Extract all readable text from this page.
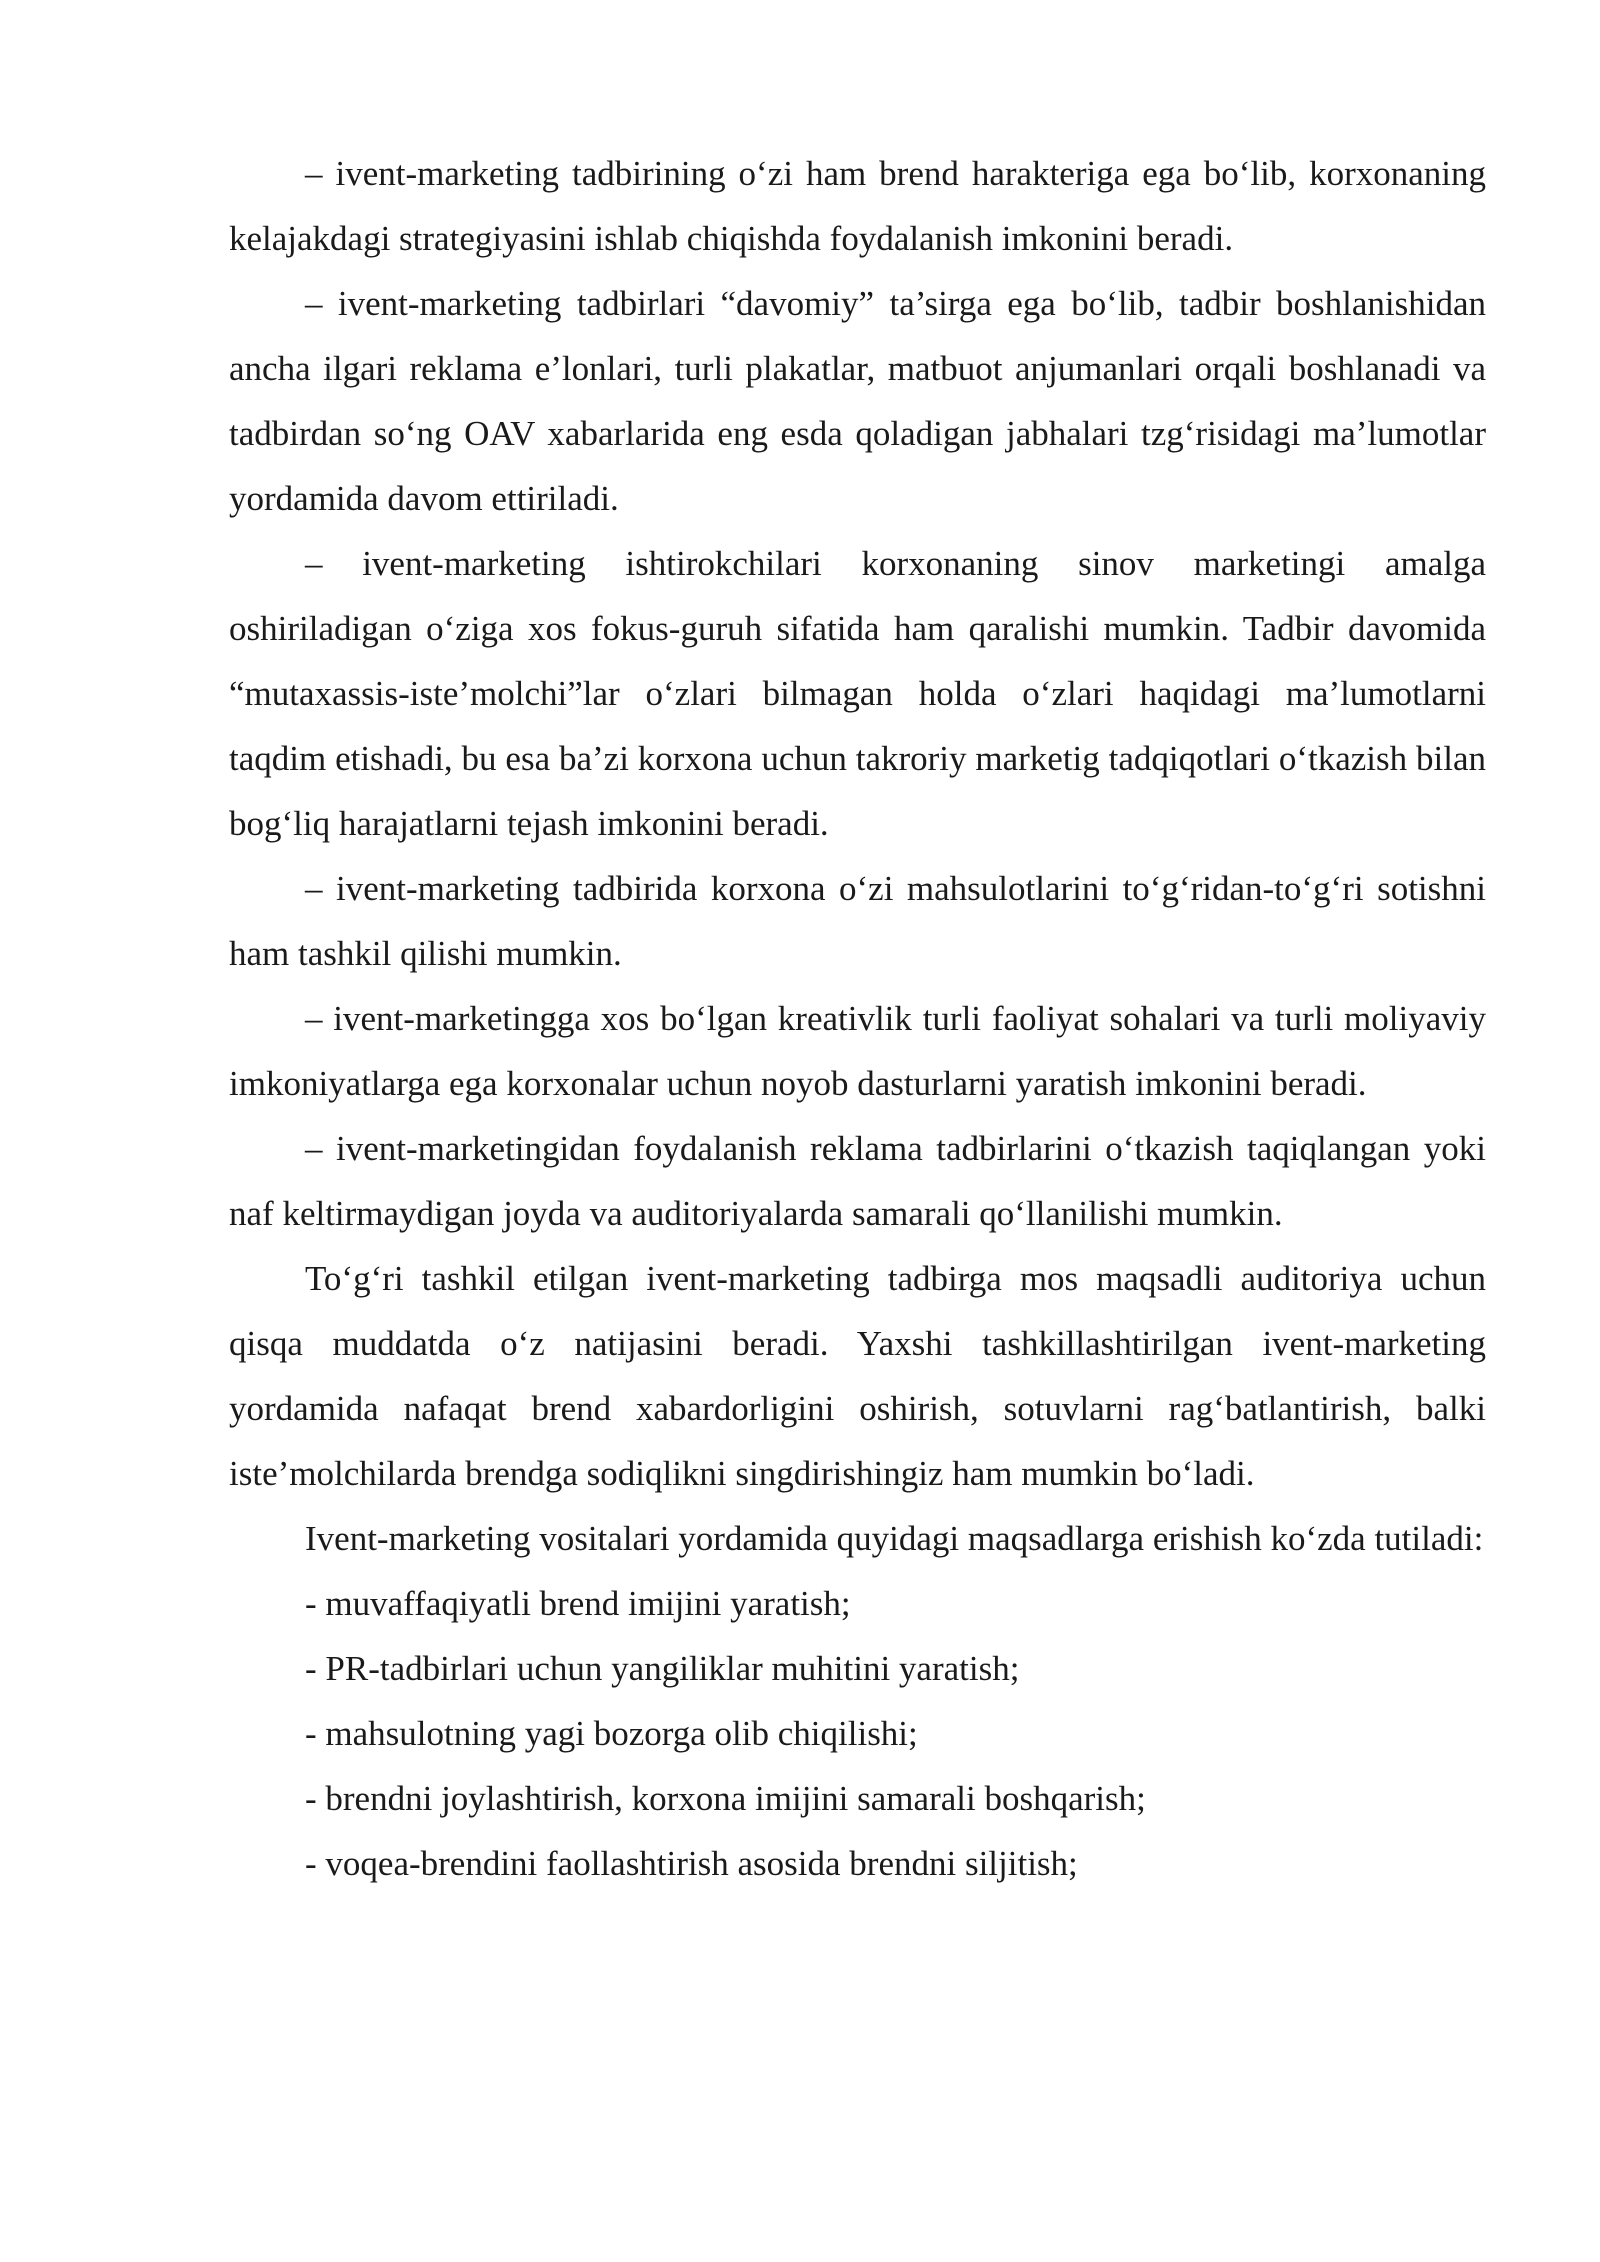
– ivent-marketing tadbirining o‘zi ham brend harakteriga ega bo‘lib, korxonaning kelajakdagi strategiyasini ishlab chiqishda foydalanish imkonini beradi.

– ivent-marketing tadbirlari “davomiy” ta’sirga ega bo‘lib, tadbir boshlanishidan ancha ilgari reklama e’lonlari, turli plakatlar, matbuot anjumanlari orqali boshlanadi va tadbirdan so‘ng OAV xabarlarida eng esda qoladigan jabhalari tzg‘risidagi ma’lumotlar yordamida davom ettiriladi.

– ivent-marketing ishtirokchilari korxonaning sinov marketingi amalga oshiriladigan o‘ziga xos fokus-guruh sifatida ham qaralishi mumkin. Tadbir davomida “mutaxassis-iste’molchi”lar o‘zlari bilmagan holda o‘zlari haqidagi ma’lumotlarni taqdim etishadi, bu esa ba’zi korxona uchun takroriy marketig tadqiqotlari o‘tkazish bilan bog‘liq harajatlarni tejash imkonini beradi.

– ivent-marketing tadbirida korxona o‘zi mahsulotlarini to‘g‘ridan-to‘g‘ri sotishni ham tashkil qilishi mumkin.

– ivent-marketingga xos bo‘lgan kreativlik turli faoliyat sohalari va turli moliyaviy imkoniyatlarga ega korxonalar uchun noyob dasturlarni yaratish imkonini beradi.

– ivent-marketingidan foydalanish reklama tadbirlarini o‘tkazish taqiqlangan yoki naf keltirmaydigan joyda va auditoriyalarda samarali qo‘llanilishi mumkin.

To‘g‘ri tashkil etilgan ivent-marketing tadbirga mos maqsadli auditoriya uchun qisqa muddatda o‘z natijasini beradi. Yaxshi tashkillashtirilgan ivent-marketing yordamida nafaqat brend xabardorligini oshirish, sotuvlarni rag‘batlantirish, balki iste’molchilarda brendga sodiqlikni singdirishingiz ham mumkin bo‘ladi.

Ivent-marketing vositalari yordamida quyidagi maqsadlarga erishish ko‘zda tutiladi:

- muvaffaqiyatli brend imijini yaratish;

- PR-tadbirlari uchun yangiliklar muhitini yaratish;

- mahsulotning yagi bozorga olib chiqilishi;

- brendni joylashtirish, korxona imijini samarali boshqarish;

- voqea-brendini faollashtirish asosida brendni siljitish;
